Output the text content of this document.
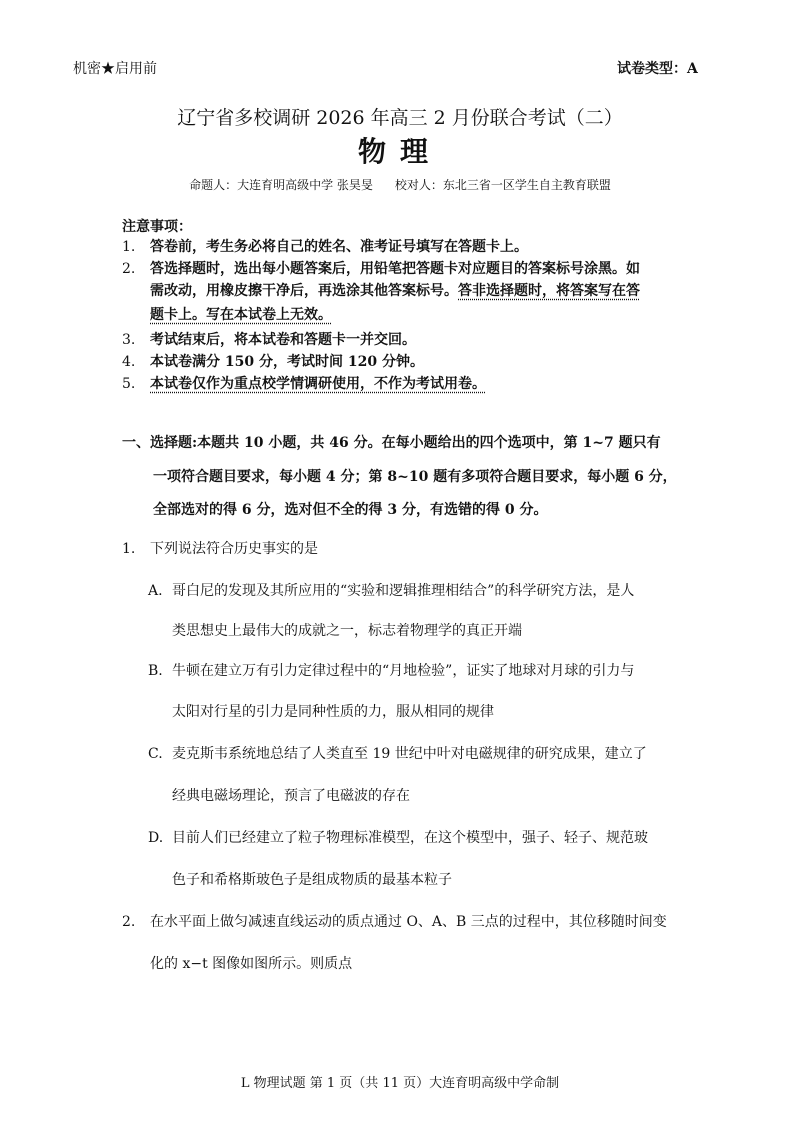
机密★启用前	试卷类型：A
辽宁省多校调研 2026 年高三 2 月份联合考试（二）
物理
命题人：大连育明高级中学 张昊旻 校对人：东北三省一区学生自主教育联盟
注意事项：
1. 答卷前，考生务必将自己的姓名、准考证号填写在答题卡上。
2. 答选择题时，选出每小题答案后，用铅笔把答题卡对应题目的答案标号涂黑。如
需改动，用橡皮擦干净后，再选涂其他答案标号。答非选择题时，将答案写在答
题卡上。写在本试卷上无效。
3. 考试结束后，将本试卷和答题卡一并交回。
4. 本试卷满分 150 分，考试时间 120 分钟。
5. 本试卷仅作为重点校学情调研使用，不作为考试用卷。
一、选择题:本题共 10 小题，共 46 分。在每小题给出的四个选项中，第 1~7 题只有
一项符合题目要求，每小题 4 分；第 8~10 题有多项符合题目要求，每小题 6 分，
全部选对的得 6 分，选对但不全的得 3 分，有选错的得 0 分。
1. 下列说法符合历史事实的是
A. 哥白尼的发现及其所应用的“实验和逻辑推理相结合”的科学研究方法，是人
类思想史上最伟大的成就之一，标志着物理学的真正开端
B. 牛顿在建立万有引力定律过程中的“月地检验”，证实了地球对月球的引力与
太阳对行星的引力是同种性质的力，服从相同的规律
C. 麦克斯韦系统地总结了人类直至 19 世纪中叶对电磁规律的研究成果，建立了
经典电磁场理论，预言了电磁波的存在
D. 目前人们已经建立了粒子物理标准模型，在这个模型中，强子、轻子、规范玻
色子和希格斯玻色子是组成物质的最基本粒子
2. 在水平面上做匀减速直线运动的质点通过 O、A、B 三点的过程中，其位移随时间变
化的 x−t 图像如图所示。则质点
L 物理试题 第 1 页（共 11 页）大连育明高级中学命制
